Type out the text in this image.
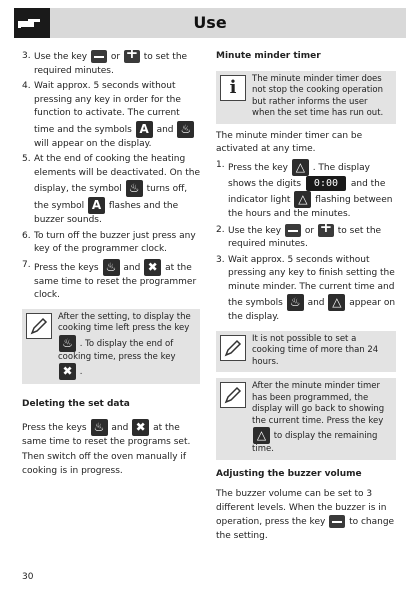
Use
3. Use the key	or +	to set the required minutes.
4. Wait approx. 5 seconds without pressing any key in order for the function to activate. The current time and the symbols A and ♨ will appear on the display.
5. At the end of cooking the heating elements will be deactivated. On the display, the symbol ♨ turns off, the symbol A flashes and the buzzer sounds.
6. To turn off the buzzer just press any key of the programmer clock.
7. Press the keys ♨ and ✖ at the same time to reset the programmer clock.
After the setting, to display the cooking time left press the key ♨ . To display the end of cooking time, press the key ✖ .
Deleting the set data
Press the keys ♨ and ✖ at the same time to reset the programs set.
Then switch off the oven manually if cooking is in progress.
Minute minder timer
i	The minute minder timer does not stop the cooking operation but rather informs the user when the set time has run out.
The minute minder timer can be activated at any time.
1. Press the key △ . The display shows the digits 0:00 and the indicator light △ flashing between the hours and the minutes.
2. Use the key	or +	to set the required minutes.
3. Wait approx. 5 seconds without pressing any key to finish setting the minute minder. The current time and the symbols ♨ and △ appear on the display.
It is not possible to set a cooking time of more than 24 hours.
After the minute minder timer has been programmed, the display will go back to showing the current time. Press the key △ to display the remaining time.
Adjusting the buzzer volume
The buzzer volume can be set to 3 different levels. When the buzzer is in operation, press the key	to change the setting.
30
